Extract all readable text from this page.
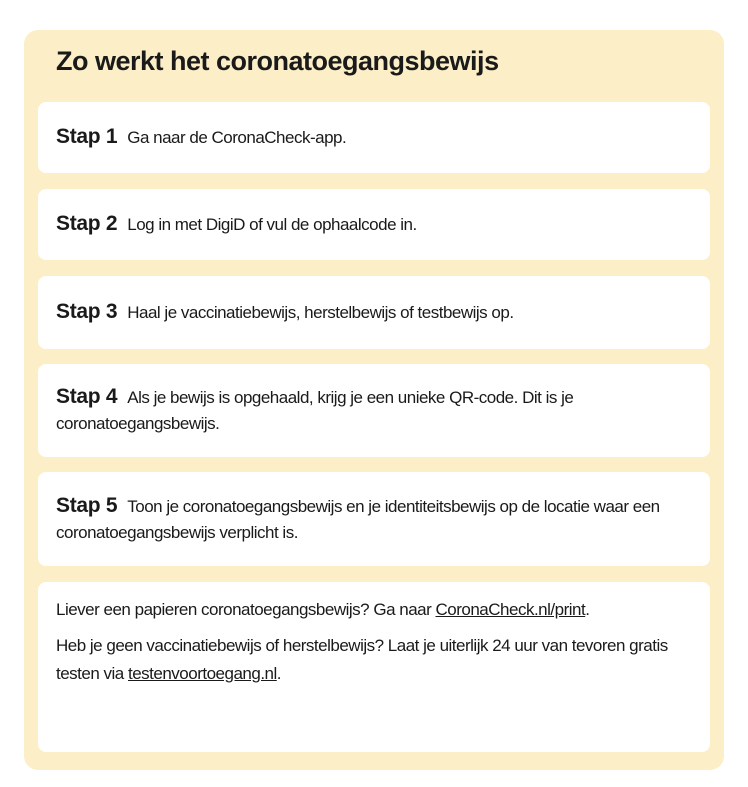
Zo werkt het coronatoegangsbewijs
Stap 1 Ga naar de CoronaCheck-app.
Stap 2 Log in met DigiD of vul de ophaalcode in.
Stap 3 Haal je vaccinatiebewijs, herstelbewijs of testbewijs op.
Stap 4 Als je bewijs is opgehaald, krijg je een unieke QR-code. Dit is je coronatoegangsbewijs.
Stap 5 Toon je coronatoegangsbewijs en je identiteitsbewijs op de locatie waar een coronatoegangsbewijs verplicht is.

Liever een papieren coronatoegangsbewijs? Ga naar CoronaCheck.nl/print.

Heb je geen vaccinatiebewijs of herstelbewijs? Laat je uiterlijk 24 uur van tevoren gratis testen via testenvoortoegang.nl.
